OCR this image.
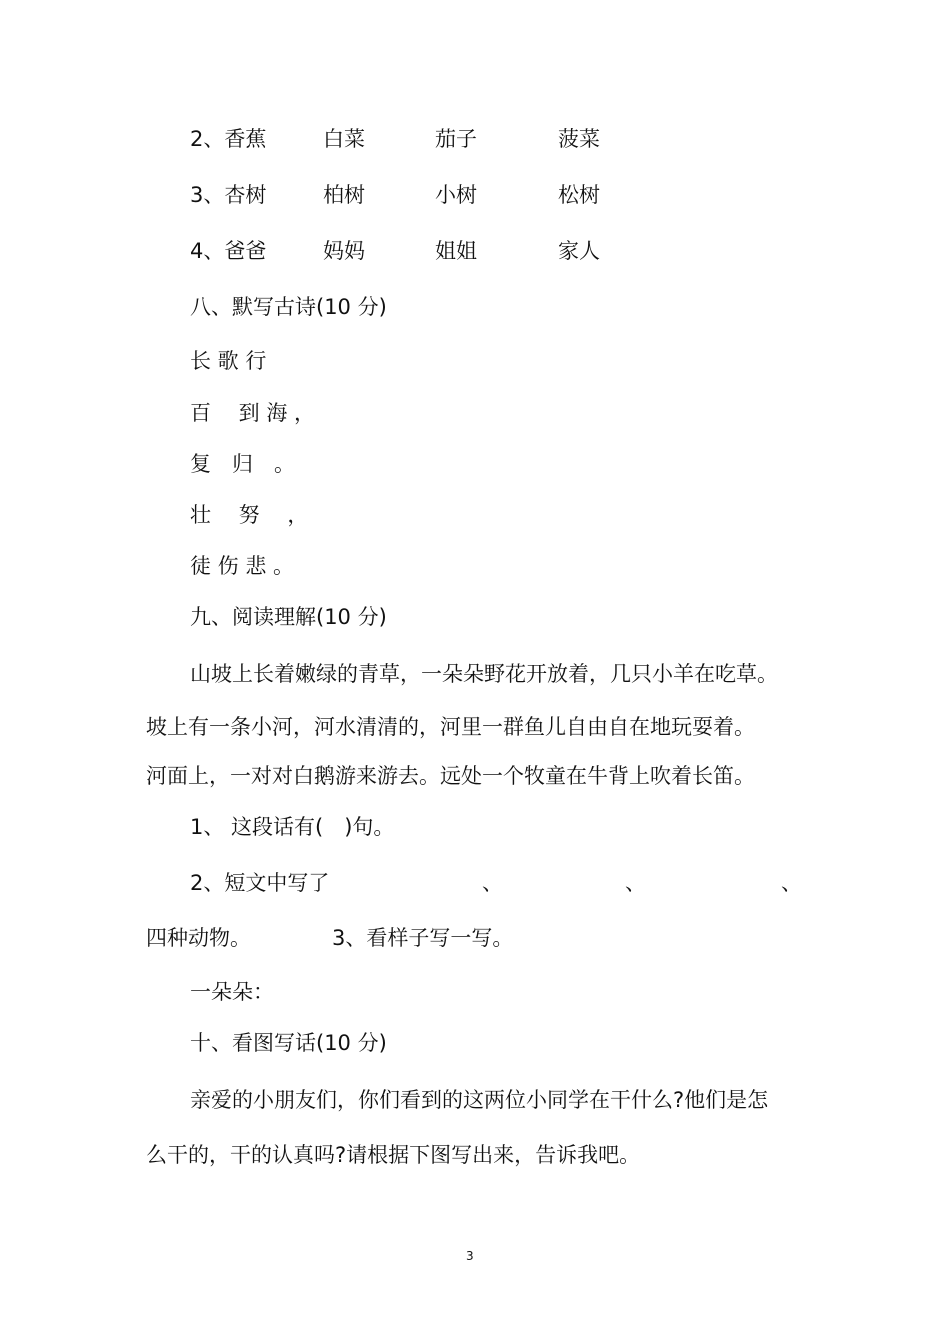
2、香蕉	白菜	茄子	菠菜
3、杏树	柏树	小树	松树
4、爸爸	妈妈	姐姐	家人
八、默写古诗(10 分)
长 歌 行
百　 到 海 ，
复　归　。
壮　 努　 ，
徒 伤 悲 。
九、阅读理解(10 分)
山坡上长着嫩绿的青草，一朵朵野花开放着，几只小羊在吃草。
坡上有一条小河，河水清清的，河里一群鱼儿自由自在地玩耍着。
河面上，一对对白鹅游来游去。远处一个牧童在牛背上吹着长笛。
1、 这段话有(　)句。
2、短文中写了	、	、	、
四种动物。	3、看样子写一写。
一朵朵：
十、看图写话(10 分)
亲爱的小朋友们，你们看到的这两位小同学在干什么?他们是怎
么干的，干的认真吗?请根据下图写出来，告诉我吧。
3
